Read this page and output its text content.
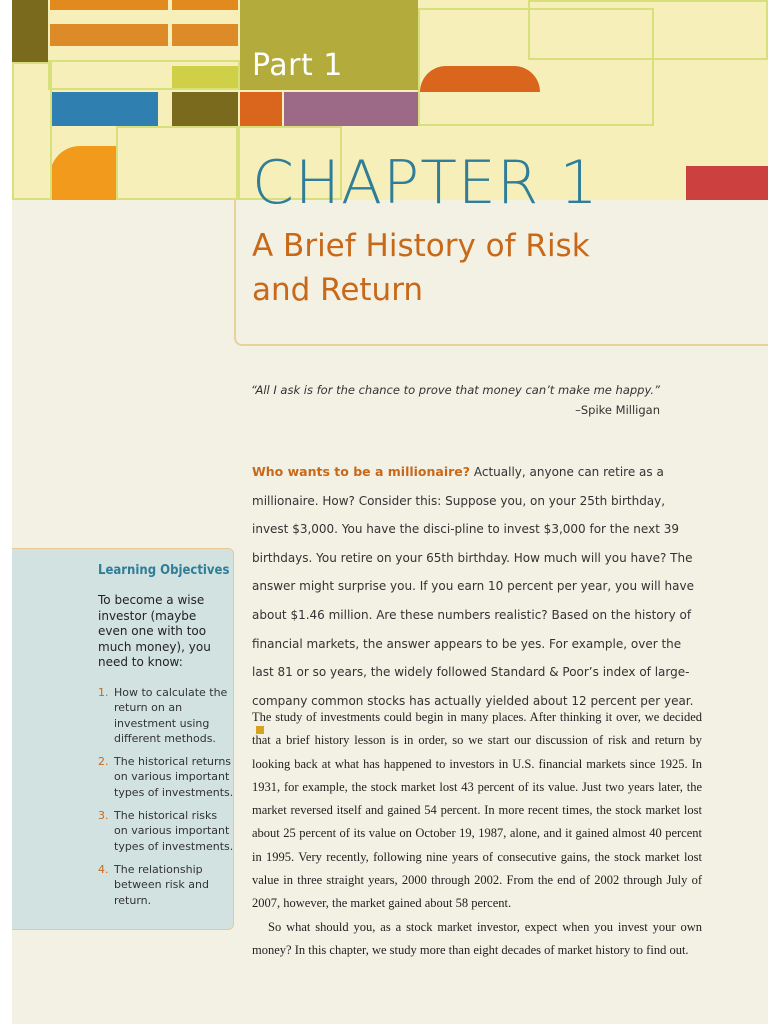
Part 1
CHAPTER 1
A Brief History of Risk
and Return
“All I ask is for the chance to prove that money can’t make me happy.”
–Spike Milligan
Who wants to be a millionaire? Actually, anyone can retire as a millionaire. How? Consider this: Suppose you, on your 25th birthday, invest $3,000. You have the disci-pline to invest $3,000 for the next 39 birthdays. You retire on your 65th birthday. How much will you have? The answer might surprise you. If you earn 10 percent per year, you will have about $1.46 million. Are these numbers realistic? Based on the history of financial markets, the answer appears to be yes. For example, over the last 81 or so years, the widely followed Standard & Poor’s index of large-company common stocks has actually yielded about 12 percent per year.

The study of investments could begin in many places. After thinking it over, we decided that a brief history lesson is in order, so we start our discussion of risk and return by looking back at what has happened to investors in U.S. financial markets since 1925. In 1931, for example, the stock market lost 43 percent of its value. Just two years later, the market reversed itself and gained 54 percent. In more recent times, the stock market lost about 25 percent of its value on October 19, 1987, alone, and it gained almost 40 percent in 1995. Very recently, following nine years of consecutive gains, the stock market lost value in three straight years, 2000 through 2002. From the end of 2002 through July of 2007, however, the market gained about 58 percent.

So what should you, as a stock market investor, expect when you invest your own money? In this chapter, we study more than eight decades of market history to find out.

Learning Objectives
To become a wise investor (maybe even one with too much money), you need to know:
1. How to calculate the return on an investment using different methods.
2. The historical returns on various important types of investments.
3. The historical risks on various important types of investments.
4. The relationship between risk and return.
